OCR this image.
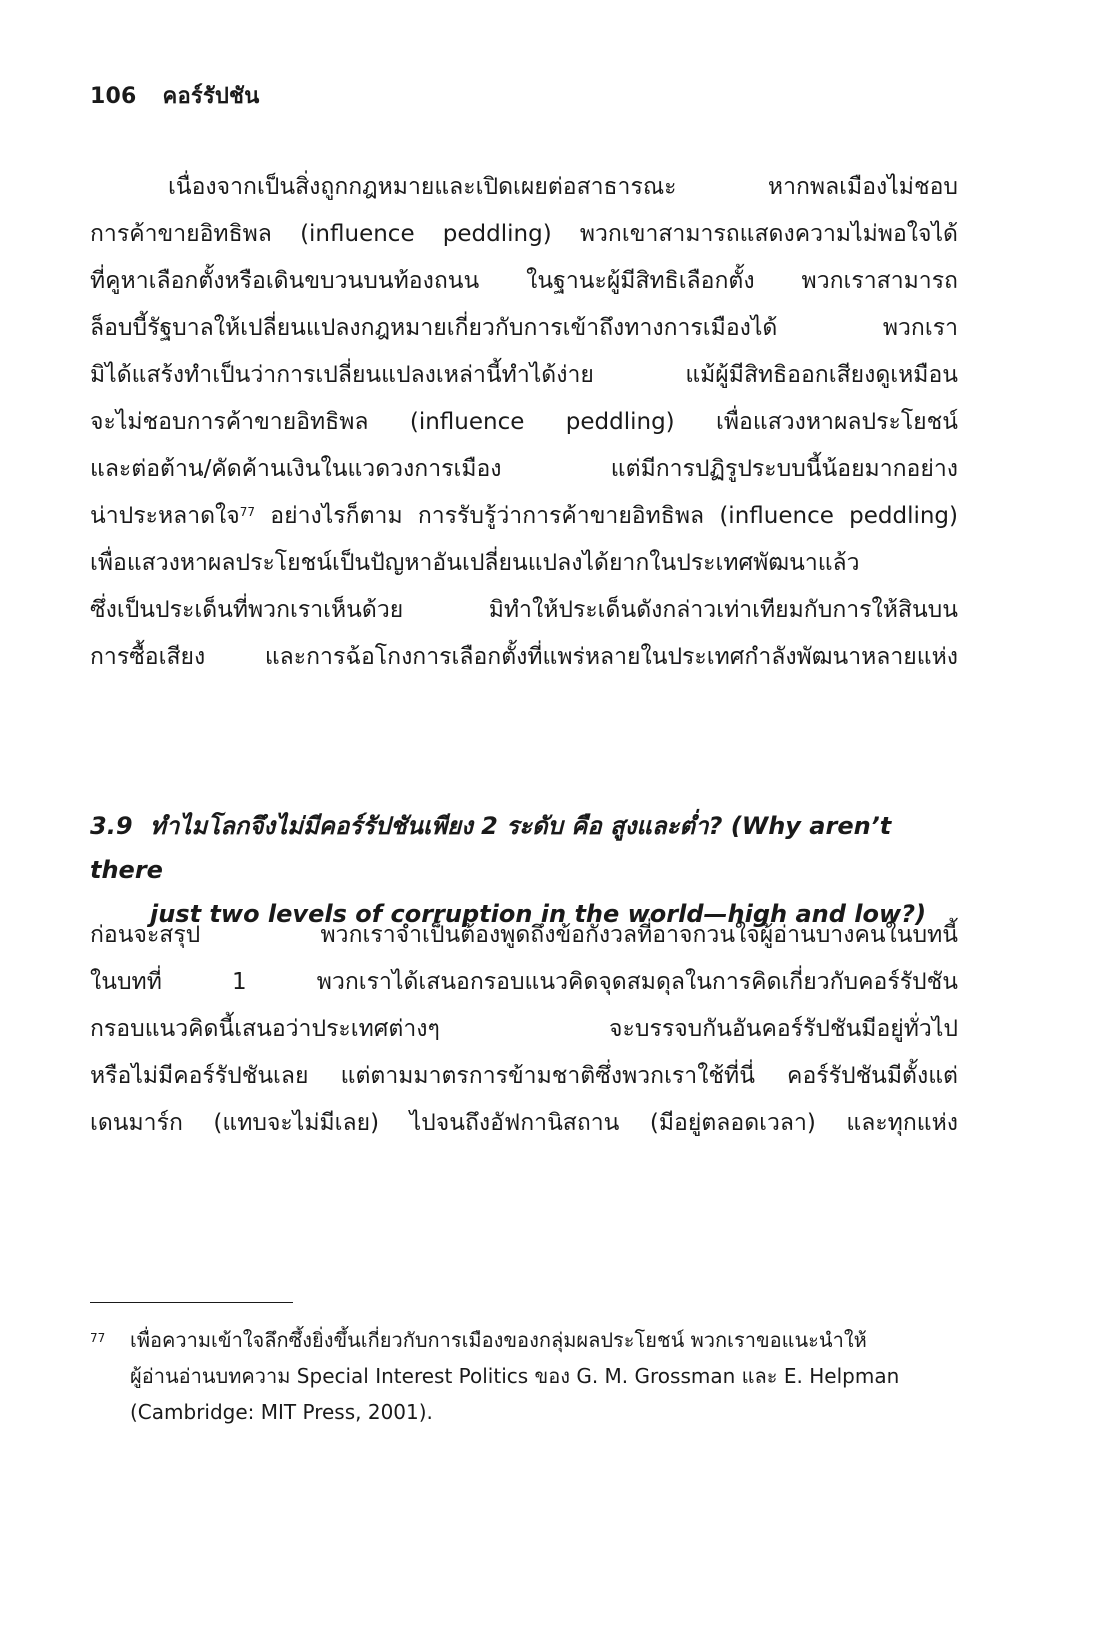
106 คอร์รัปชัน
เนื่องจากเป็นสิ่งถูกกฎหมายและเปิดเผยต่อสาธารณะ หากพลเมืองไม่ชอบ
การค้าขายอิทธิพล (influence peddling) พวกเขาสามารถแสดงความไม่พอใจได้
ที่คูหาเลือกตั้งหรือเดินขบวนบนท้องถนน ในฐานะผู้มีสิทธิเลือกตั้ง พวกเราสามารถ
ล็อบบี้รัฐบาลให้เปลี่ยนแปลงกฎหมายเกี่ยวกับการเข้าถึงทางการเมืองได้ พวกเรา
มิได้แสร้งทำเป็นว่าการเปลี่ยนแปลงเหล่านี้ทำได้ง่าย แม้ผู้มีสิทธิออกเสียงดูเหมือน
จะไม่ชอบการค้าขายอิทธิพล (influence peddling) เพื่อแสวงหาผลประโยชน์
และต่อต้าน/คัดค้านเงินในแวดวงการเมือง แต่มีการปฏิรูประบบนี้น้อยมากอย่าง
น่าประหลาดใจ$^{77}$ อย่างไรก็ตาม การรับรู้ว่าการค้าขายอิทธิพล (influence peddling)
เพื่อแสวงหาผลประโยชน์เป็นปัญหาอันเปลี่ยนแปลงได้ยากในประเทศพัฒนาแล้ว
ซึ่งเป็นประเด็นที่พวกเราเห็นด้วย มิทำให้ประเด็นดังกล่าวเท่าเทียมกับการให้สินบน
การซื้อเสียง และการฉ้อโกงการเลือกตั้งที่แพร่หลายในประเทศกำลังพัฒนาหลายแห่ง
3.9 ทำไมโลกจึงไม่มีคอร์รัปชันเพียง 2 ระดับ คือ สูงและต่ำ? (Why aren’t there
just two levels of corruption in the world—high and low?)
ก่อนจะสรุป พวกเราจำเป็นต้องพูดถึงข้อกังวลที่อาจกวนใจผู้อ่านบางคนในบทนี้
ในบทที่ 1 พวกเราได้เสนอกรอบแนวคิดจุดสมดุลในการคิดเกี่ยวกับคอร์รัปชัน
กรอบแนวคิดนี้เสนอว่าประเทศต่างๆ จะบรรจบกันอันคอร์รัปชันมีอยู่ทั่วไป
หรือไม่มีคอร์รัปชันเลย แต่ตามมาตรการข้ามชาติซึ่งพวกเราใช้ที่นี่ คอร์รัปชันมีตั้งแต่
เดนมาร์ก (แทบจะไม่มีเลย) ไปจนถึงอัฟกานิสถาน (มีอยู่ตลอดเวลา) และทุกแห่ง
77 เพื่อความเข้าใจลึกซึ้งยิ่งขึ้นเกี่ยวกับการเมืองของกลุ่มผลประโยชน์ พวกเราขอแนะนำให้
ผู้อ่านอ่านบทความ Special Interest Politics ของ G. M. Grossman และ E. Helpman
(Cambridge: MIT Press, 2001).
